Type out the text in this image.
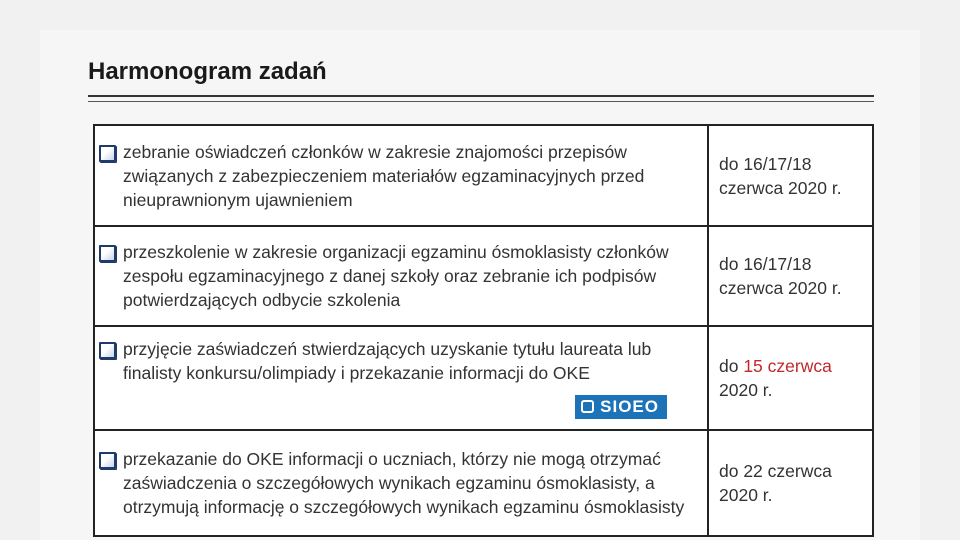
Harmonogram zadań
zebranie oświadczeń członków w zakresie znajomości przepisów związanych z zabezpieczeniem materiałów egzaminacyjnych przed nieuprawnionym ujawnieniem	do 16/17/18 czerwca 2020 r.

przeszkolenie w zakresie organizacji egzaminu ósmoklasisty członków zespołu egzaminacyjnego z danej szkoły oraz zebranie ich podpisów potwierdzających odbycie szkolenia	do 16/17/18 czerwca 2020 r.

przyjęcie zaświadczeń stwierdzających uzyskanie tytułu laureata lub finalisty konkursu/olimpiady i przekazanie informacji do OKE
SIOEO	do 15 czerwca 2020 r.

przekazanie do OKE informacji o uczniach, którzy nie mogą otrzymać zaświadczenia o szczegółowych wynikach egzaminu ósmoklasisty, a otrzymują informację o szczegółowych wynikach egzaminu ósmoklasisty	do 22 czerwca 2020 r.
